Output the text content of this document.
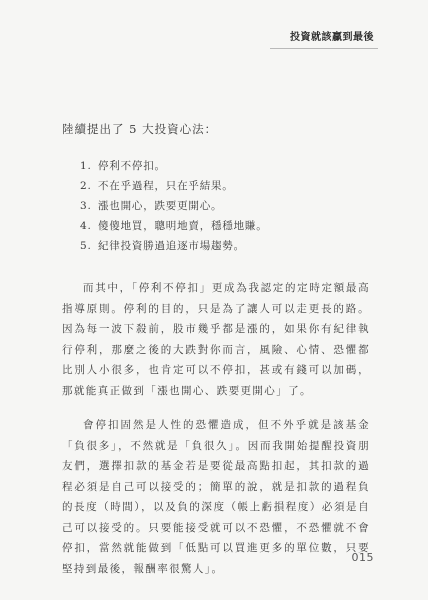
投資就該贏到最後

陸續提出了 5 大投資心法：

1. 停利不停扣。
2. 不在乎過程，只在乎結果。
3. 漲也開心，跌要更開心。
4. 傻傻地買，聰明地賣，穩穩地賺。
5. 紀律投資勝過追逐市場趨勢。

而其中，「停利不停扣」更成為我認定的定時定額最高指導原則。停利的目的，只是為了讓人可以走更長的路。因為每一波下殺前，股市幾乎都是漲的，如果你有紀律執行停利，那麼之後的大跌對你而言，風險、心情、恐懼都比別人小很多，也肯定可以不停扣，甚或有錢可以加碼，那就能真正做到「漲也開心、跌要更開心」了。

會停扣固然是人性的恐懼造成，但不外乎就是該基金「負很多」，不然就是「負很久」。因而我開始提醒投資朋友們，選擇扣款的基金若是要從最高點扣起，其扣款的過程必須是自己可以接受的；簡單的說，就是扣款的過程負的長度（時間），以及負的深度（帳上虧損程度）必須是自己可以接受的。只要能接受就可以不恐懼，不恐懼就不會停扣，當然就能做到「低點可以買進更多的單位數，只要堅持到最後，報酬率很驚人」。

015
